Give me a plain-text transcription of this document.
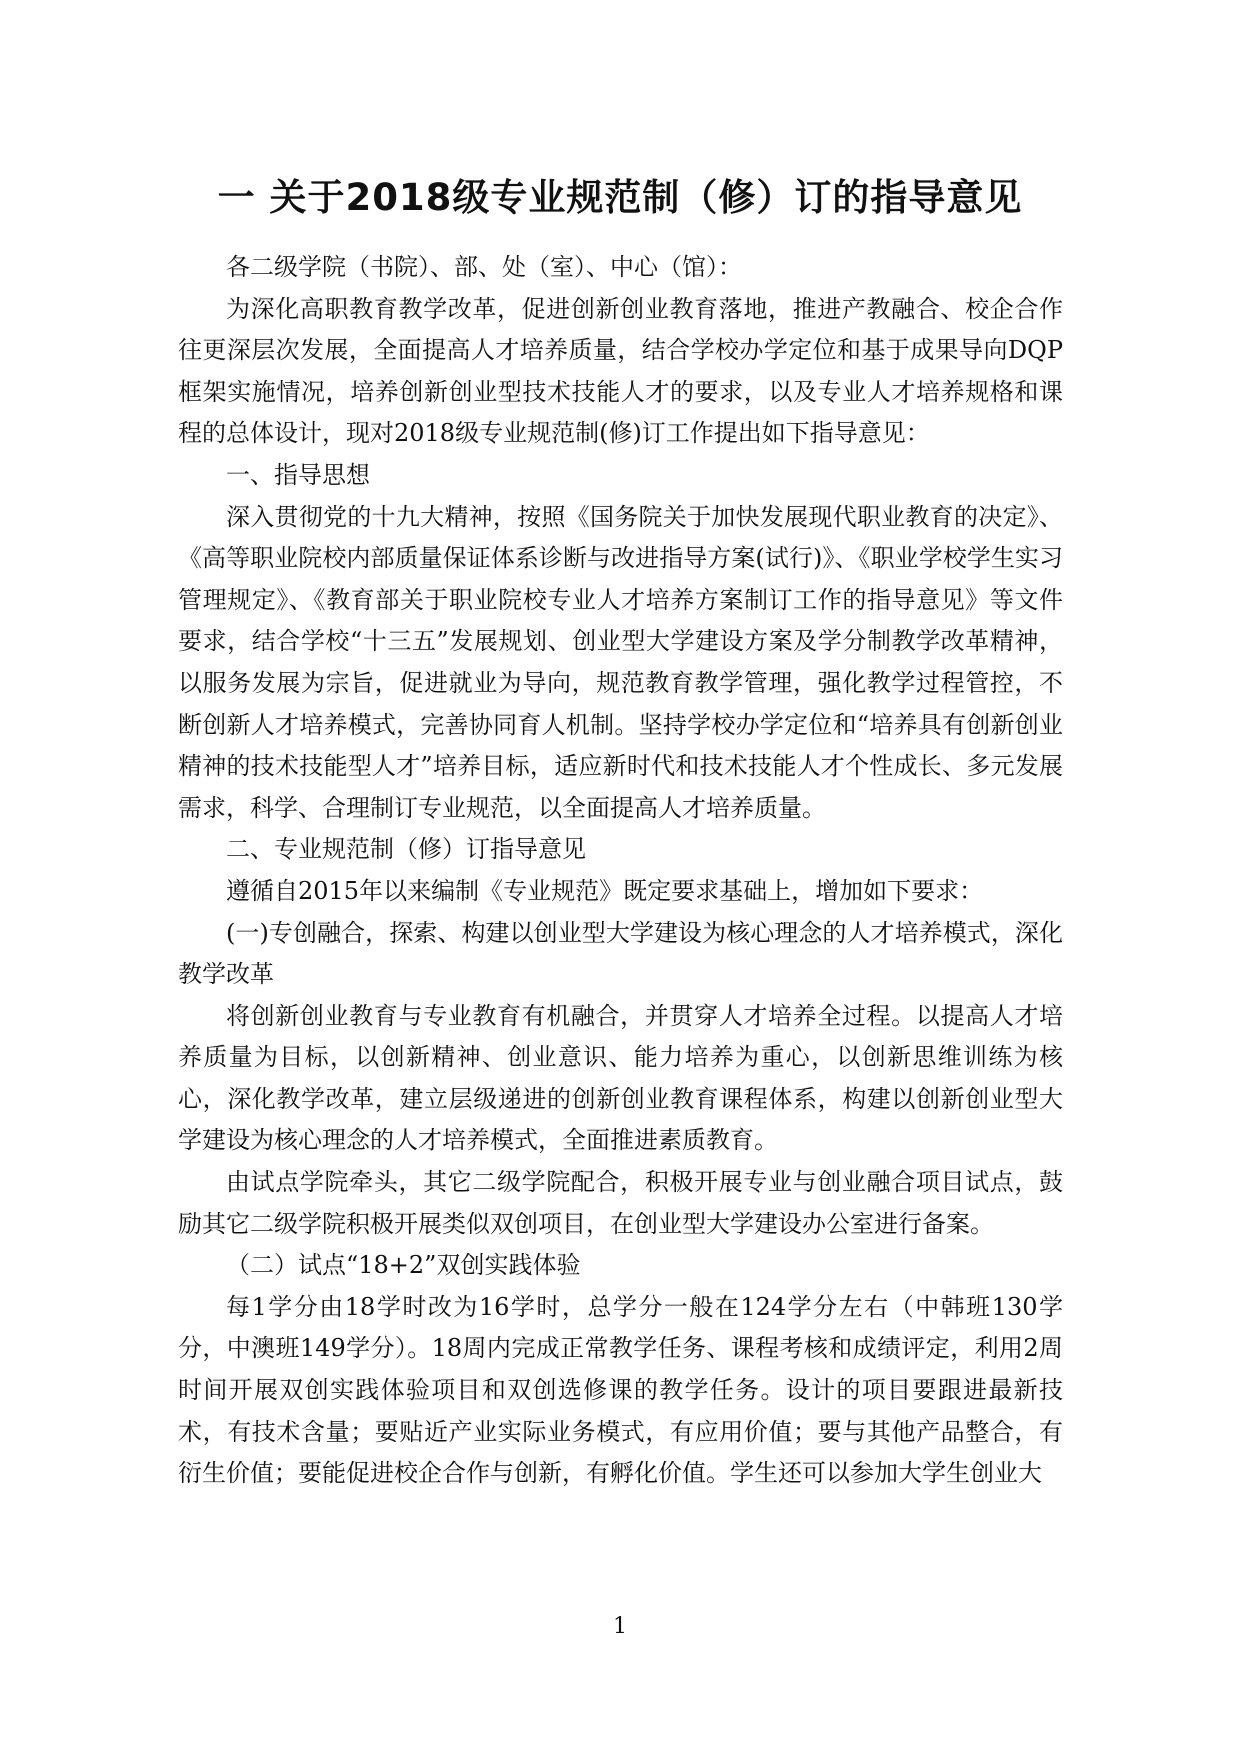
一 关于2018级专业规范制（修）订的指导意见

各二级学院（书院）、部、处（室）、中心（馆）：

为深化高职教育教学改革，促进创新创业教育落地，推进产教融合、校企合作往更深层次发展，全面提高人才培养质量，结合学校办学定位和基于成果导向DQP框架实施情况，培养创新创业型技术技能人才的要求，以及专业人才培养规格和课程的总体设计，现对2018级专业规范制(修)订工作提出如下指导意见：

一、指导思想

深入贯彻党的十九大精神，按照《国务院关于加快发展现代职业教育的决定》、《高等职业院校内部质量保证体系诊断与改进指导方案(试行)》、《职业学校学生实习管理规定》、《教育部关于职业院校专业人才培养方案制订工作的指导意见》等文件要求，结合学校“十三五”发展规划、创业型大学建设方案及学分制教学改革精神，以服务发展为宗旨，促进就业为导向，规范教育教学管理，强化教学过程管控，不断创新人才培养模式，完善协同育人机制。坚持学校办学定位和“培养具有创新创业精神的技术技能型人才”培养目标，适应新时代和技术技能人才个性成长、多元发展需求，科学、合理制订专业规范，以全面提高人才培养质量。

二、专业规范制（修）订指导意见

遵循自2015年以来编制《专业规范》既定要求基础上，增加如下要求：

(一)专创融合，探索、构建以创业型大学建设为核心理念的人才培养模式，深化教学改革

将创新创业教育与专业教育有机融合，并贯穿人才培养全过程。以提高人才培养质量为目标，以创新精神、创业意识、能力培养为重心，以创新思维训练为核心，深化教学改革，建立层级递进的创新创业教育课程体系，构建以创新创业型大学建设为核心理念的人才培养模式，全面推进素质教育。

由试点学院牵头，其它二级学院配合，积极开展专业与创业融合项目试点，鼓励其它二级学院积极开展类似双创项目，在创业型大学建设办公室进行备案。

（二）试点“18+2”双创实践体验

每1学分由18学时改为16学时，总学分一般在124学分左右（中韩班130学分，中澳班149学分）。18周内完成正常教学任务、课程考核和成绩评定，利用2周时间开展双创实践体验项目和双创选修课的教学任务。设计的项目要跟进最新技术，有技术含量；要贴近产业实际业务模式，有应用价值；要与其他产品整合，有衍生价值；要能促进校企合作与创新，有孵化价值。学生还可以参加大学生创业大

1
